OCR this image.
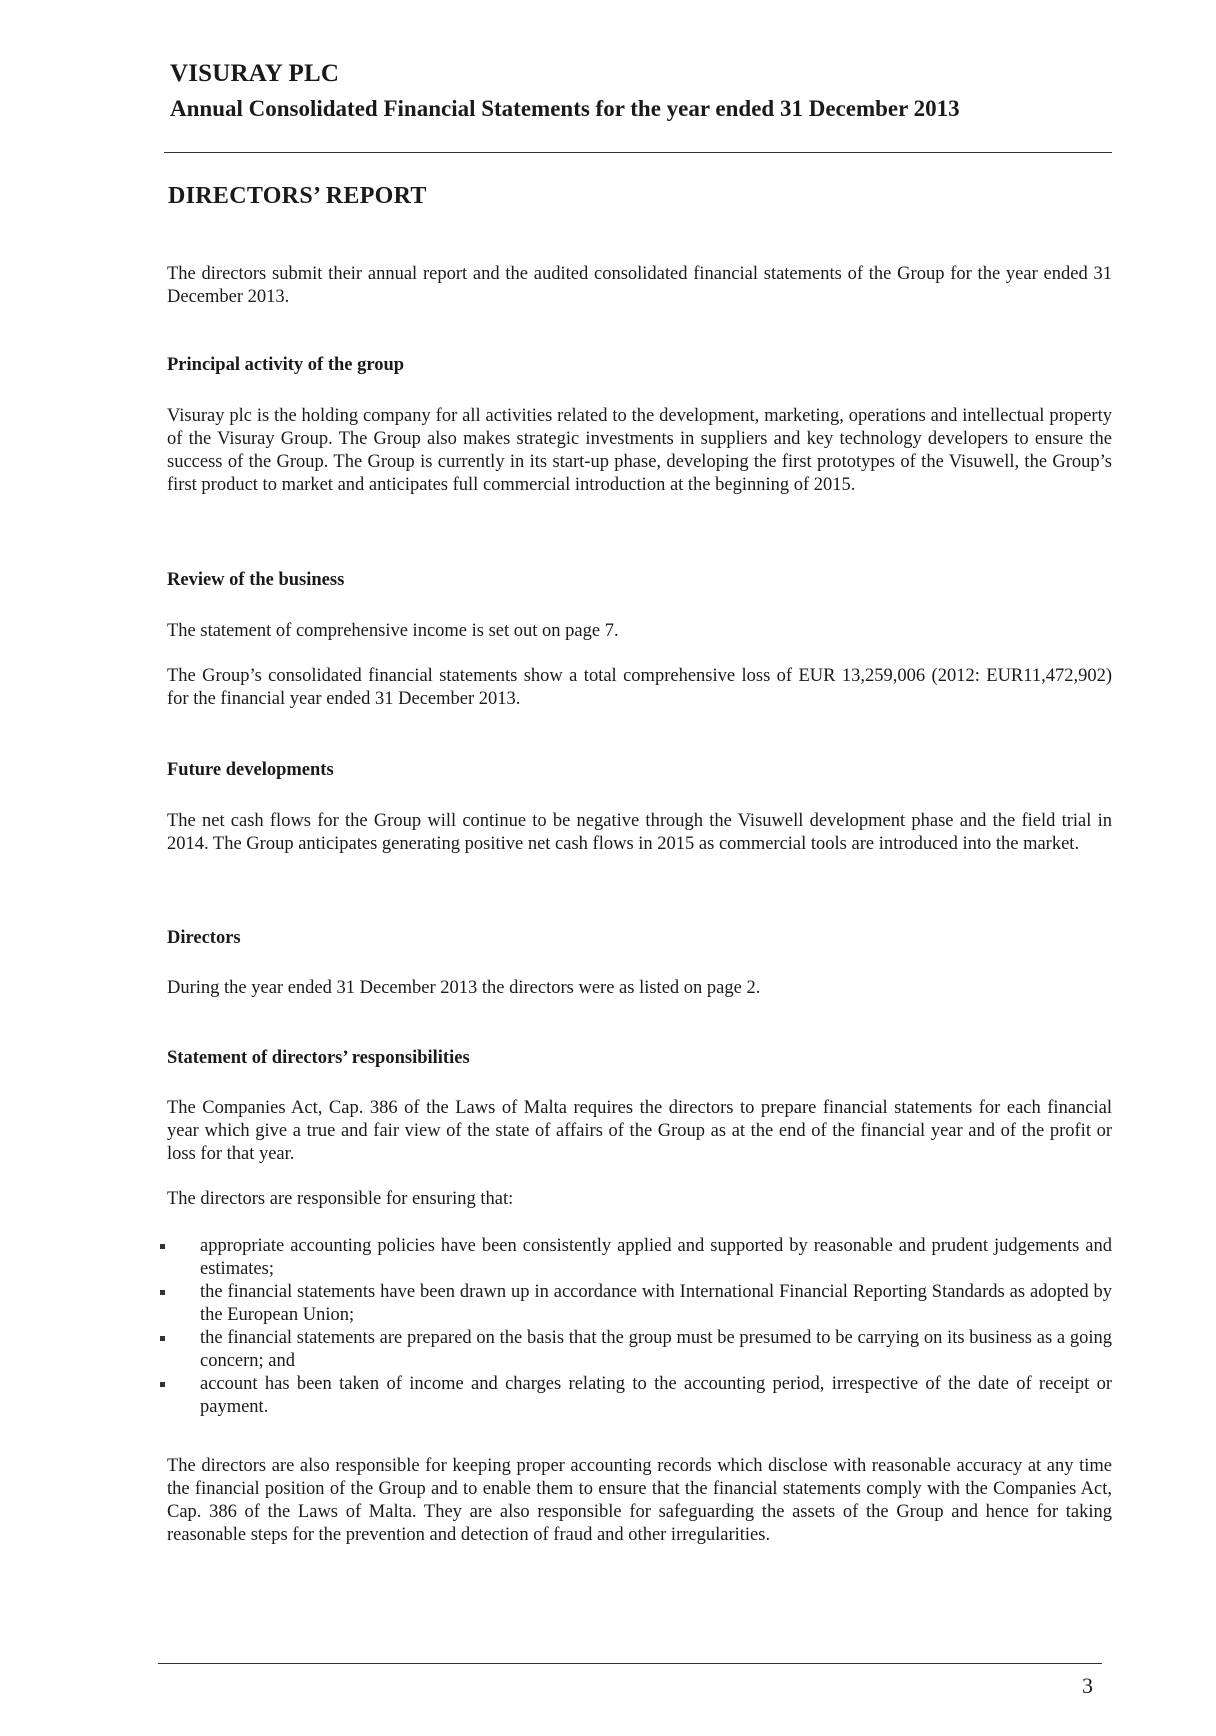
VISURAY PLC
Annual Consolidated Financial Statements for the year ended 31 December 2013
DIRECTORS’ REPORT
The directors submit their annual report and the audited consolidated financial statements of the Group for the year ended 31 December 2013.
Principal activity of the group
Visuray plc is the holding company for all activities related to the development, marketing, operations and intellectual property of the Visuray Group. The Group also makes strategic investments in suppliers and key technology developers to ensure the success of the Group. The Group is currently in its start-up phase, developing the first prototypes of the Visuwell, the Group’s first product to market and anticipates full commercial introduction at the beginning of 2015.
Review of the business
The statement of comprehensive income is set out on page 7.
The Group’s consolidated financial statements show a total comprehensive loss of EUR 13,259,006 (2012: EUR11,472,902) for the financial year ended 31 December 2013.
Future developments
The net cash flows for the Group will continue to be negative through the Visuwell development phase and the field trial in 2014. The Group anticipates generating positive net cash flows in 2015 as commercial tools are introduced into the market.
Directors
During the year ended 31 December 2013 the directors were as listed on page 2.
Statement of directors’ responsibilities
The Companies Act, Cap. 386 of the Laws of Malta requires the directors to prepare financial statements for each financial year which give a true and fair view of the state of affairs of the Group as at the end of the financial year and of the profit or loss for that year.
The directors are responsible for ensuring that:
appropriate accounting policies have been consistently applied and supported by reasonable and prudent judgements and estimates;
the financial statements have been drawn up in accordance with International Financial Reporting Standards as adopted by the European Union;
the financial statements are prepared on the basis that the group must be presumed to be carrying on its business as a going concern; and
account has been taken of income and charges relating to the accounting period, irrespective of the date of receipt or payment.
The directors are also responsible for keeping proper accounting records which disclose with reasonable accuracy at any time the financial position of the Group and to enable them to ensure that the financial statements comply with the Companies Act, Cap. 386 of the Laws of Malta. They are also responsible for safeguarding the assets of the Group and hence for taking reasonable steps for the prevention and detection of fraud and other irregularities.
3
